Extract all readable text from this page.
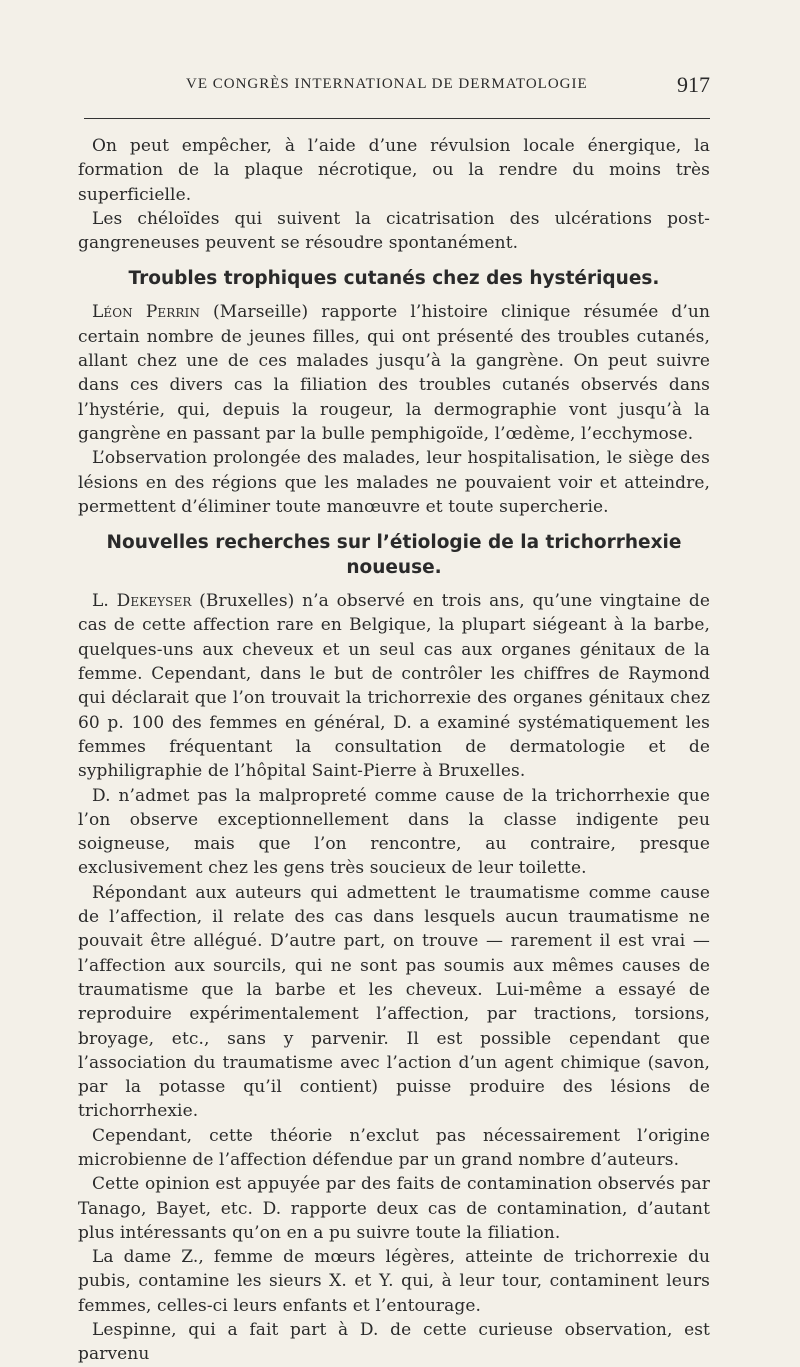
VE CONGRÈS INTERNATIONAL DE DERMATOLOGIE	917

On peut empêcher, à l’aide d’une révulsion locale énergique, la formation de la plaque nécrotique, ou la rendre du moins très superficielle.

Les chéloïdes qui suivent la cicatrisation des ulcérations post-gangreneuses peuvent se résoudre spontanément.

Troubles trophiques cutanés chez des hystériques.

Léon Perrin (Marseille) rapporte l’histoire clinique résumée d’un certain nombre de jeunes filles, qui ont présenté des troubles cutanés, allant chez une de ces malades jusqu’à la gangrène. On peut suivre dans ces divers cas la filiation des troubles cutanés observés dans l’hystérie, qui, depuis la rougeur, la dermographie vont jusqu’à la gangrène en passant par la bulle pemphigoïde, l’œdème, l’ecchymose.

L’observation prolongée des malades, leur hospitalisation, le siège des lésions en des régions que les malades ne pouvaient voir et atteindre, permettent d’éliminer toute manœuvre et toute supercherie.

Nouvelles recherches sur l’étiologie de la trichorrhexie noueuse.

L. Dekeyser (Bruxelles) n’a observé en trois ans, qu’une vingtaine de cas de cette affection rare en Belgique, la plupart siégeant à la barbe, quelques-uns aux cheveux et un seul cas aux organes génitaux de la femme. Cependant, dans le but de contrôler les chiffres de Raymond qui déclarait que l’on trouvait la trichorrexie des organes génitaux chez 60 p. 100 des femmes en général, D. a examiné systématiquement les femmes fréquentant la consultation de dermatologie et de syphiligraphie de l’hôpital Saint-Pierre à Bruxelles.

D. n’admet pas la malpropreté comme cause de la trichorrhexie que l’on observe exceptionnellement dans la classe indigente peu soigneuse, mais que l’on rencontre, au contraire, presque exclusivement chez les gens très soucieux de leur toilette.

Répondant aux auteurs qui admettent le traumatisme comme cause de l’affection, il relate des cas dans lesquels aucun traumatisme ne pouvait être allégué. D’autre part, on trouve — rarement il est vrai — l’affection aux sourcils, qui ne sont pas soumis aux mêmes causes de traumatisme que la barbe et les cheveux. Lui-même a essayé de reproduire expérimentalement l’affection, par tractions, torsions, broyage, etc., sans y parvenir. Il est possible cependant que l’association du traumatisme avec l’action d’un agent chimique (savon, par la potasse qu’il contient) puisse produire des lésions de trichorrhexie.

Cependant, cette théorie n’exclut pas nécessairement l’origine microbienne de l’affection défendue par un grand nombre d’auteurs.

Cette opinion est appuyée par des faits de contamination observés par Tanago, Bayet, etc. D. rapporte deux cas de contamination, d’autant plus intéressants qu’on en a pu suivre toute la filiation.

La dame Z., femme de mœurs légères, atteinte de trichorrexie du pubis, contamine les sieurs X. et Y. qui, à leur tour, contaminent leurs femmes, celles-ci leurs enfants et l’entourage.

Lespinne, qui a fait part à D. de cette curieuse observation, est parvenu
